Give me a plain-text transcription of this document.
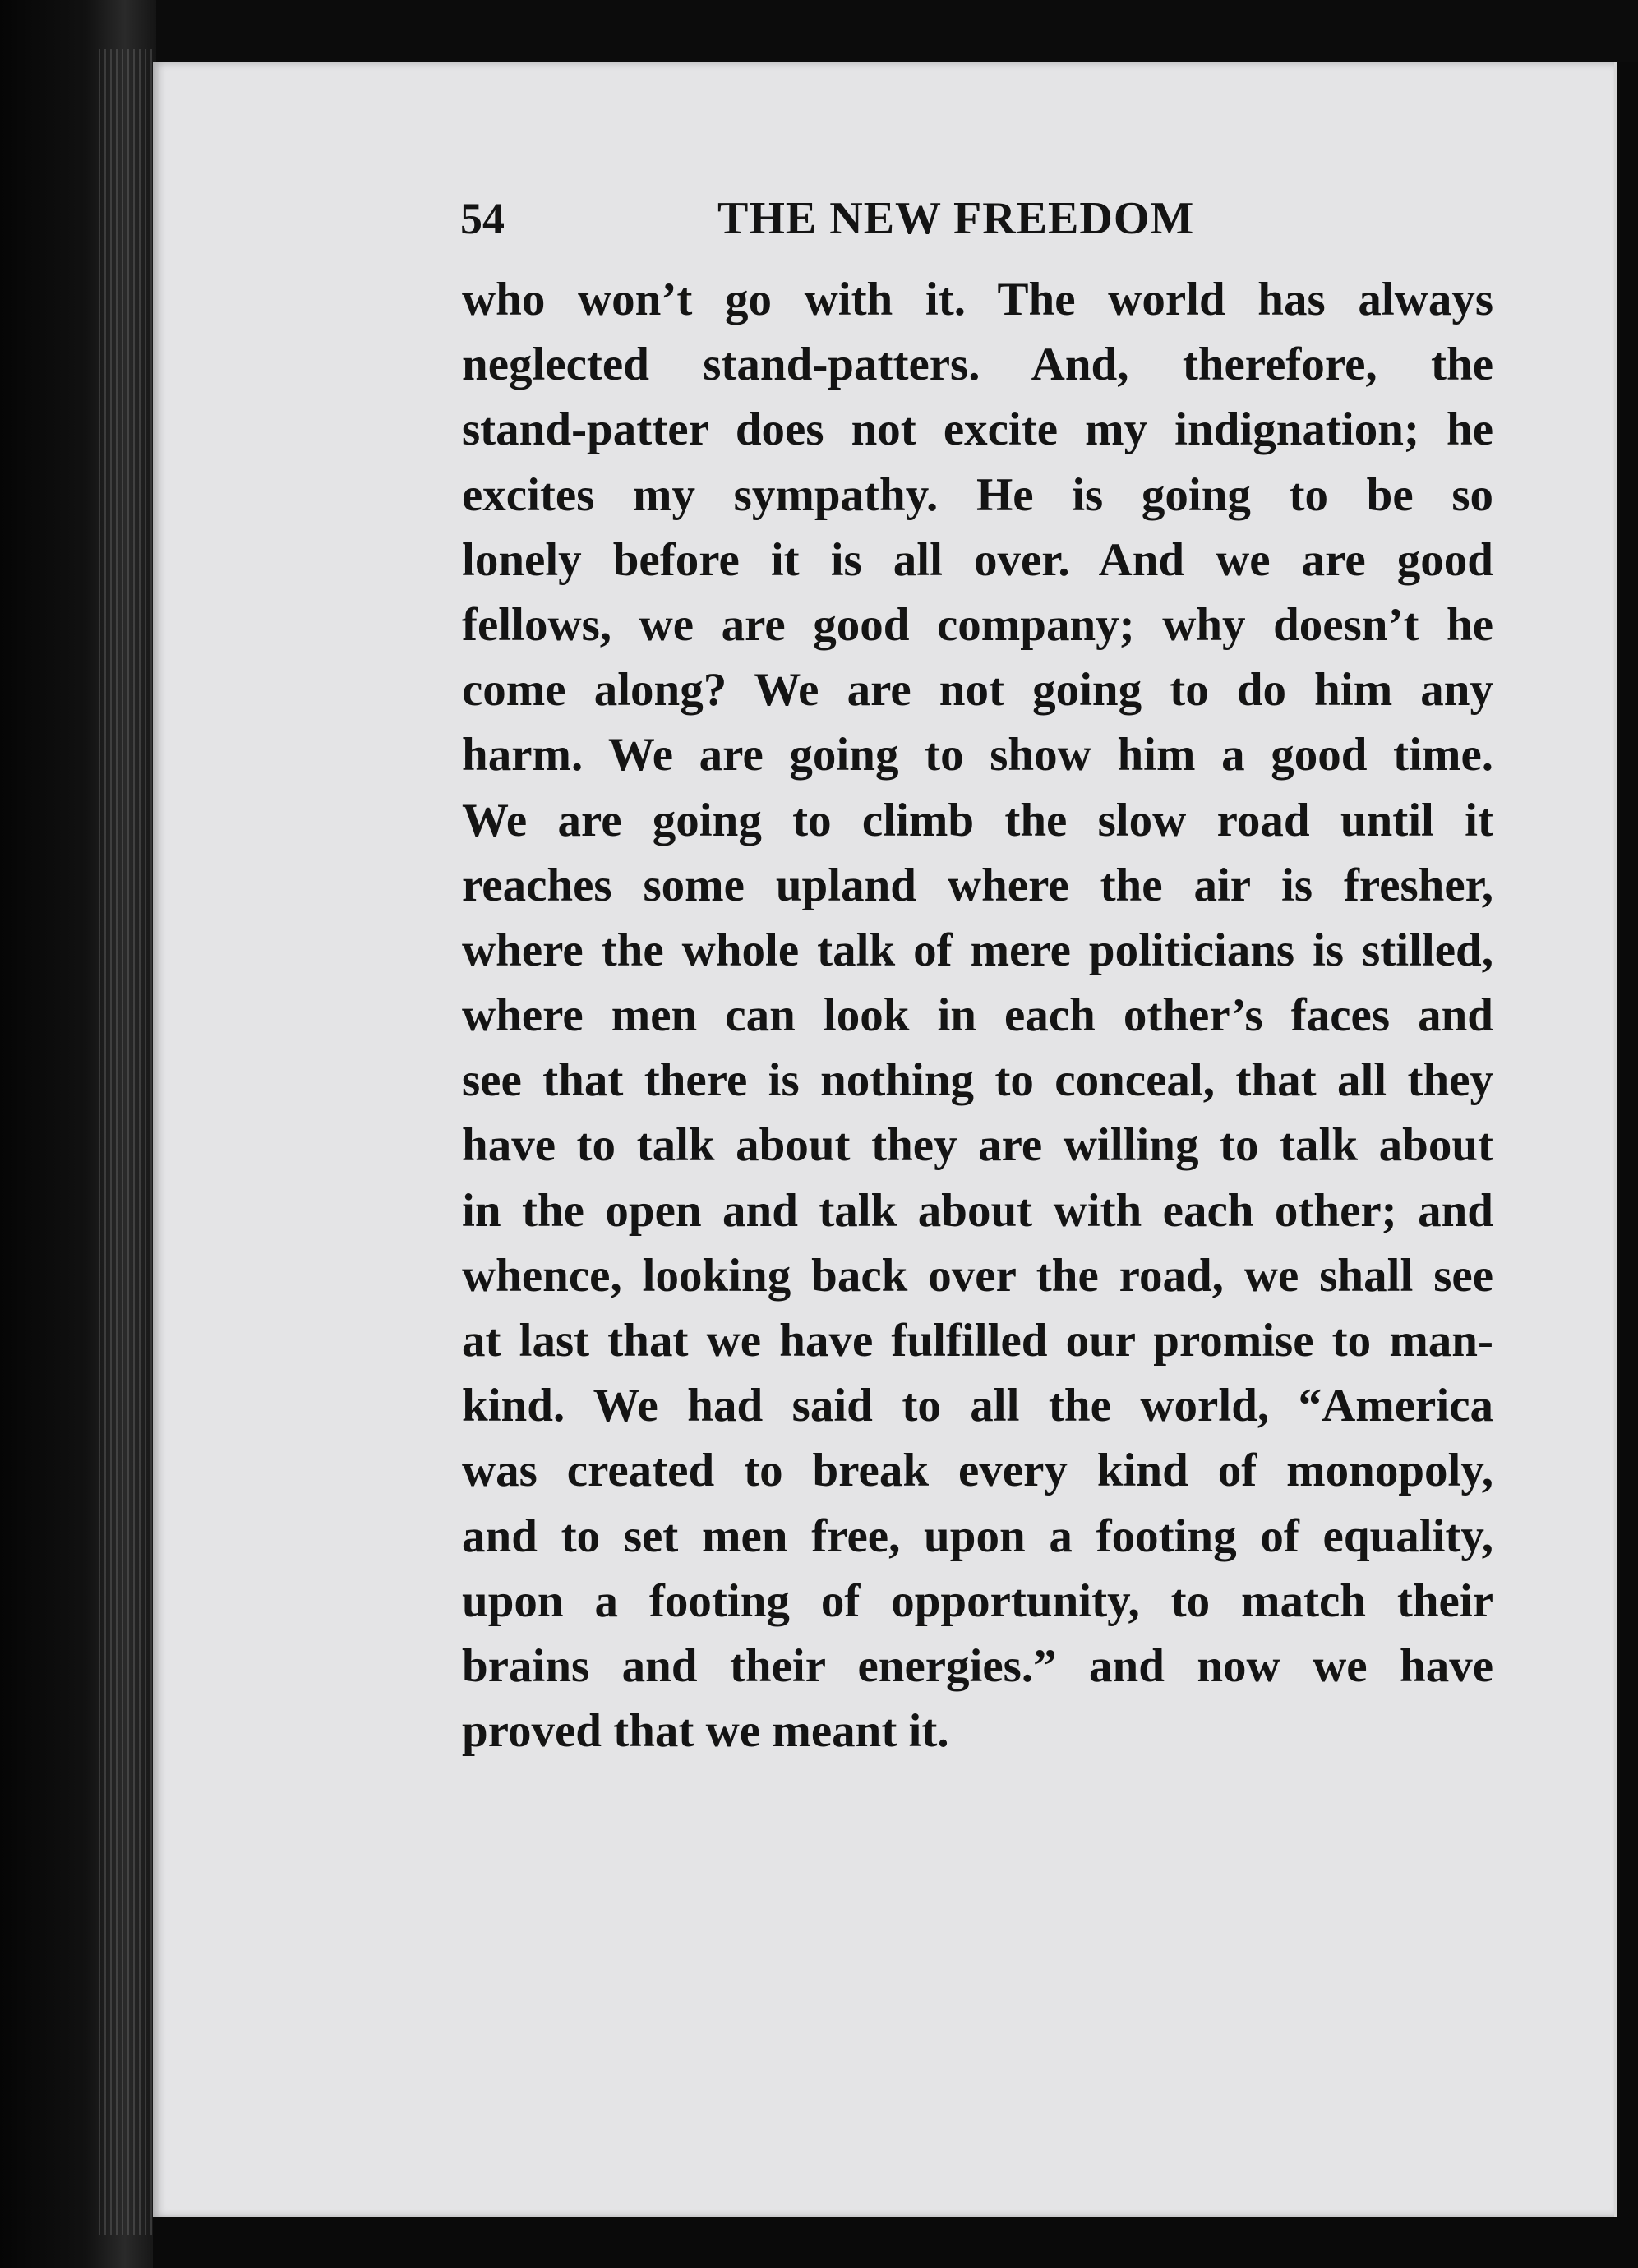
54	THE NEW FREEDOM
who won’t go with it. The world has always
neglected stand-patters. And, therefore, the
stand-patter does not excite my indignation; he
excites my sympathy. He is going to be so
lonely before it is all over. And we are good
fellows, we are good company; why doesn’t he
come along? We are not going to do him any
harm. We are going to show him a good time.
We are going to climb the slow road until it
reaches some upland where the air is fresher,
where the whole talk of mere politicians is stilled,
where men can look in each other’s faces and
see that there is nothing to conceal, that all they
have to talk about they are willing to talk about
in the open and talk about with each other; and
whence, looking back over the road, we shall see
at last that we have fulfilled our promise to man-
kind. We had said to all the world, “America
was created to break every kind of monopoly,
and to set men free, upon a footing of equality,
upon a footing of opportunity, to match their
brains and their energies.” and now we have
proved that we meant it.
